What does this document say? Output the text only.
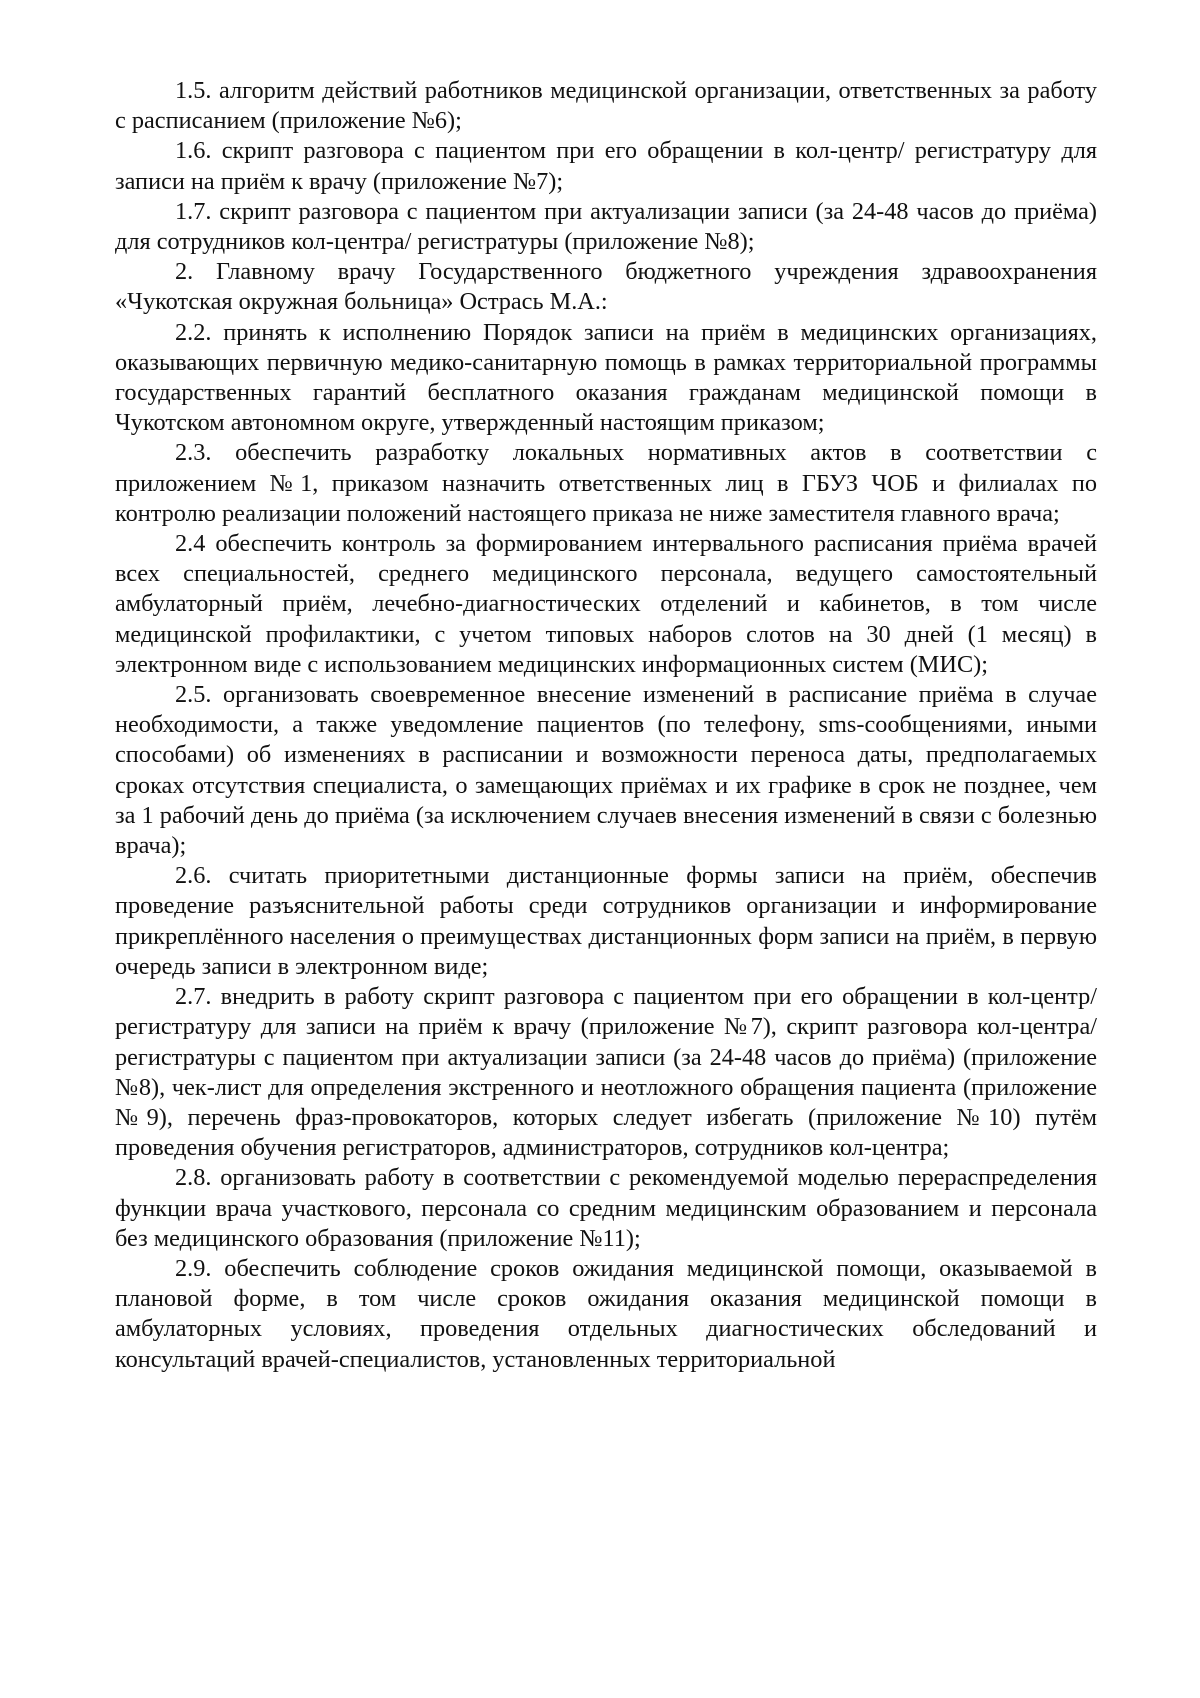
1.5. алгоритм действий работников медицинской организации, ответственных за работу с расписанием (приложение №6);

1.6. скрипт разговора с пациентом при его обращении в кол-центр/ регистратуру для записи на приём к врачу (приложение №7);

1.7. скрипт разговора с пациентом при актуализации записи (за 24-48 часов до приёма) для сотрудников кол-центра/ регистратуры (приложение №8);

2. Главному врачу Государственного бюджетного учреждения здравоохранения «Чукотская окружная больница» Острась М.А.:

2.2. принять к исполнению Порядок записи на приём в медицинских организациях, оказывающих первичную медико-санитарную помощь в рамках территориальной программы государственных гарантий бесплатного оказания гражданам медицинской помощи в Чукотском автономном округе, утвержденный настоящим приказом;

2.3. обеспечить разработку локальных нормативных актов в соответствии с приложением №1, приказом назначить ответственных лиц в ГБУЗ ЧОБ и филиалах по контролю реализации положений настоящего приказа не ниже заместителя главного врача;

2.4 обеспечить контроль за формированием интервального расписания приёма врачей всех специальностей, среднего медицинского персонала, ведущего самостоятельный амбулаторный приём, лечебно-диагностических отделений и кабинетов, в том числе медицинской профилактики, с учетом типовых наборов слотов на 30 дней (1 месяц) в электронном виде с использованием медицинских информационных систем (МИС);

2.5. организовать своевременное внесение изменений в расписание приёма в случае необходимости, а также уведомление пациентов (по телефону, sms-сообщениями, иными способами) об изменениях в расписании и возможности переноса даты, предполагаемых сроках отсутствия специалиста, о замещающих приёмах и их графике в срок не позднее, чем за 1 рабочий день до приёма (за исключением случаев внесения изменений в связи с болезнью врача);

2.6. считать приоритетными дистанционные формы записи на приём, обеспечив проведение разъяснительной работы среди сотрудников организации и информирование прикреплённого населения о преимуществах дистанционных форм записи на приём, в первую очередь записи в электронном виде;

2.7. внедрить в работу скрипт разговора с пациентом при его обращении в кол-центр/регистратуру для записи на приём к врачу (приложение №7), скрипт разговора кол-центра/регистратуры с пациентом при актуализации записи (за 24-48 часов до приёма) (приложение №8), чек-лист для определения экстренного и неотложного обращения пациента (приложение №9), перечень фраз-провокаторов, которых следует избегать (приложение №10) путём проведения обучения регистраторов, администраторов, сотрудников кол-центра;

2.8. организовать работу в соответствии с рекомендуемой моделью перераспределения функции врача участкового, персонала со средним медицинским образованием и персонала без медицинского образования (приложение №11);

2.9. обеспечить соблюдение сроков ожидания медицинской помощи, оказываемой в плановой форме, в том числе сроков ожидания оказания медицинской помощи в амбулаторных условиях, проведения отдельных диагностических обследований и консультаций врачей-специалистов, установленных территориальной
